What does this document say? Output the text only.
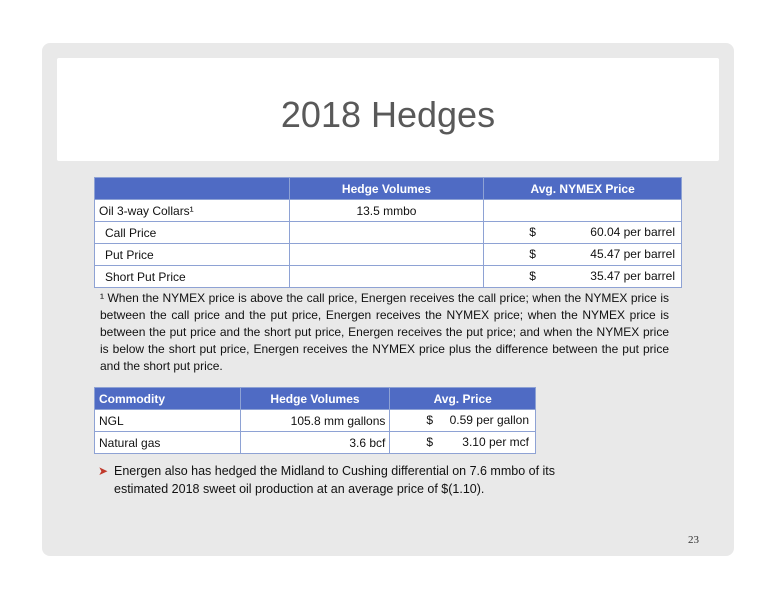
2018 Hedges
	Hedge Volumes	Avg. NYMEX Price
Oil 3-way Collars¹	13.5 mmbo	

Call Price		$ 60.04 per barrel

Put Price		$ 45.47 per barrel

Short Put Price		$ 35.47 per barrel
¹ When the NYMEX price is above the call price, Energen receives the call price; when the NYMEX price is between the call price and the put price, Energen receives the NYMEX price; when the NYMEX price is between the put price and the short put price, Energen receives the put price; and when the NYMEX price is below the short put price, Energen receives the NYMEX price plus the difference between the put price and the short put price.
Commodity	Hedge Volumes	Avg. Price
NGL	105.8 mm gallons	$ 0.59 per gallon

Natural gas	3.6 bcf	$ 3.10 per mcf
➤ Energen also has hedged the Midland to Cushing differential on 7.6 mmbo of its estimated 2018 sweet oil production at an average price of $(1.10).
23
